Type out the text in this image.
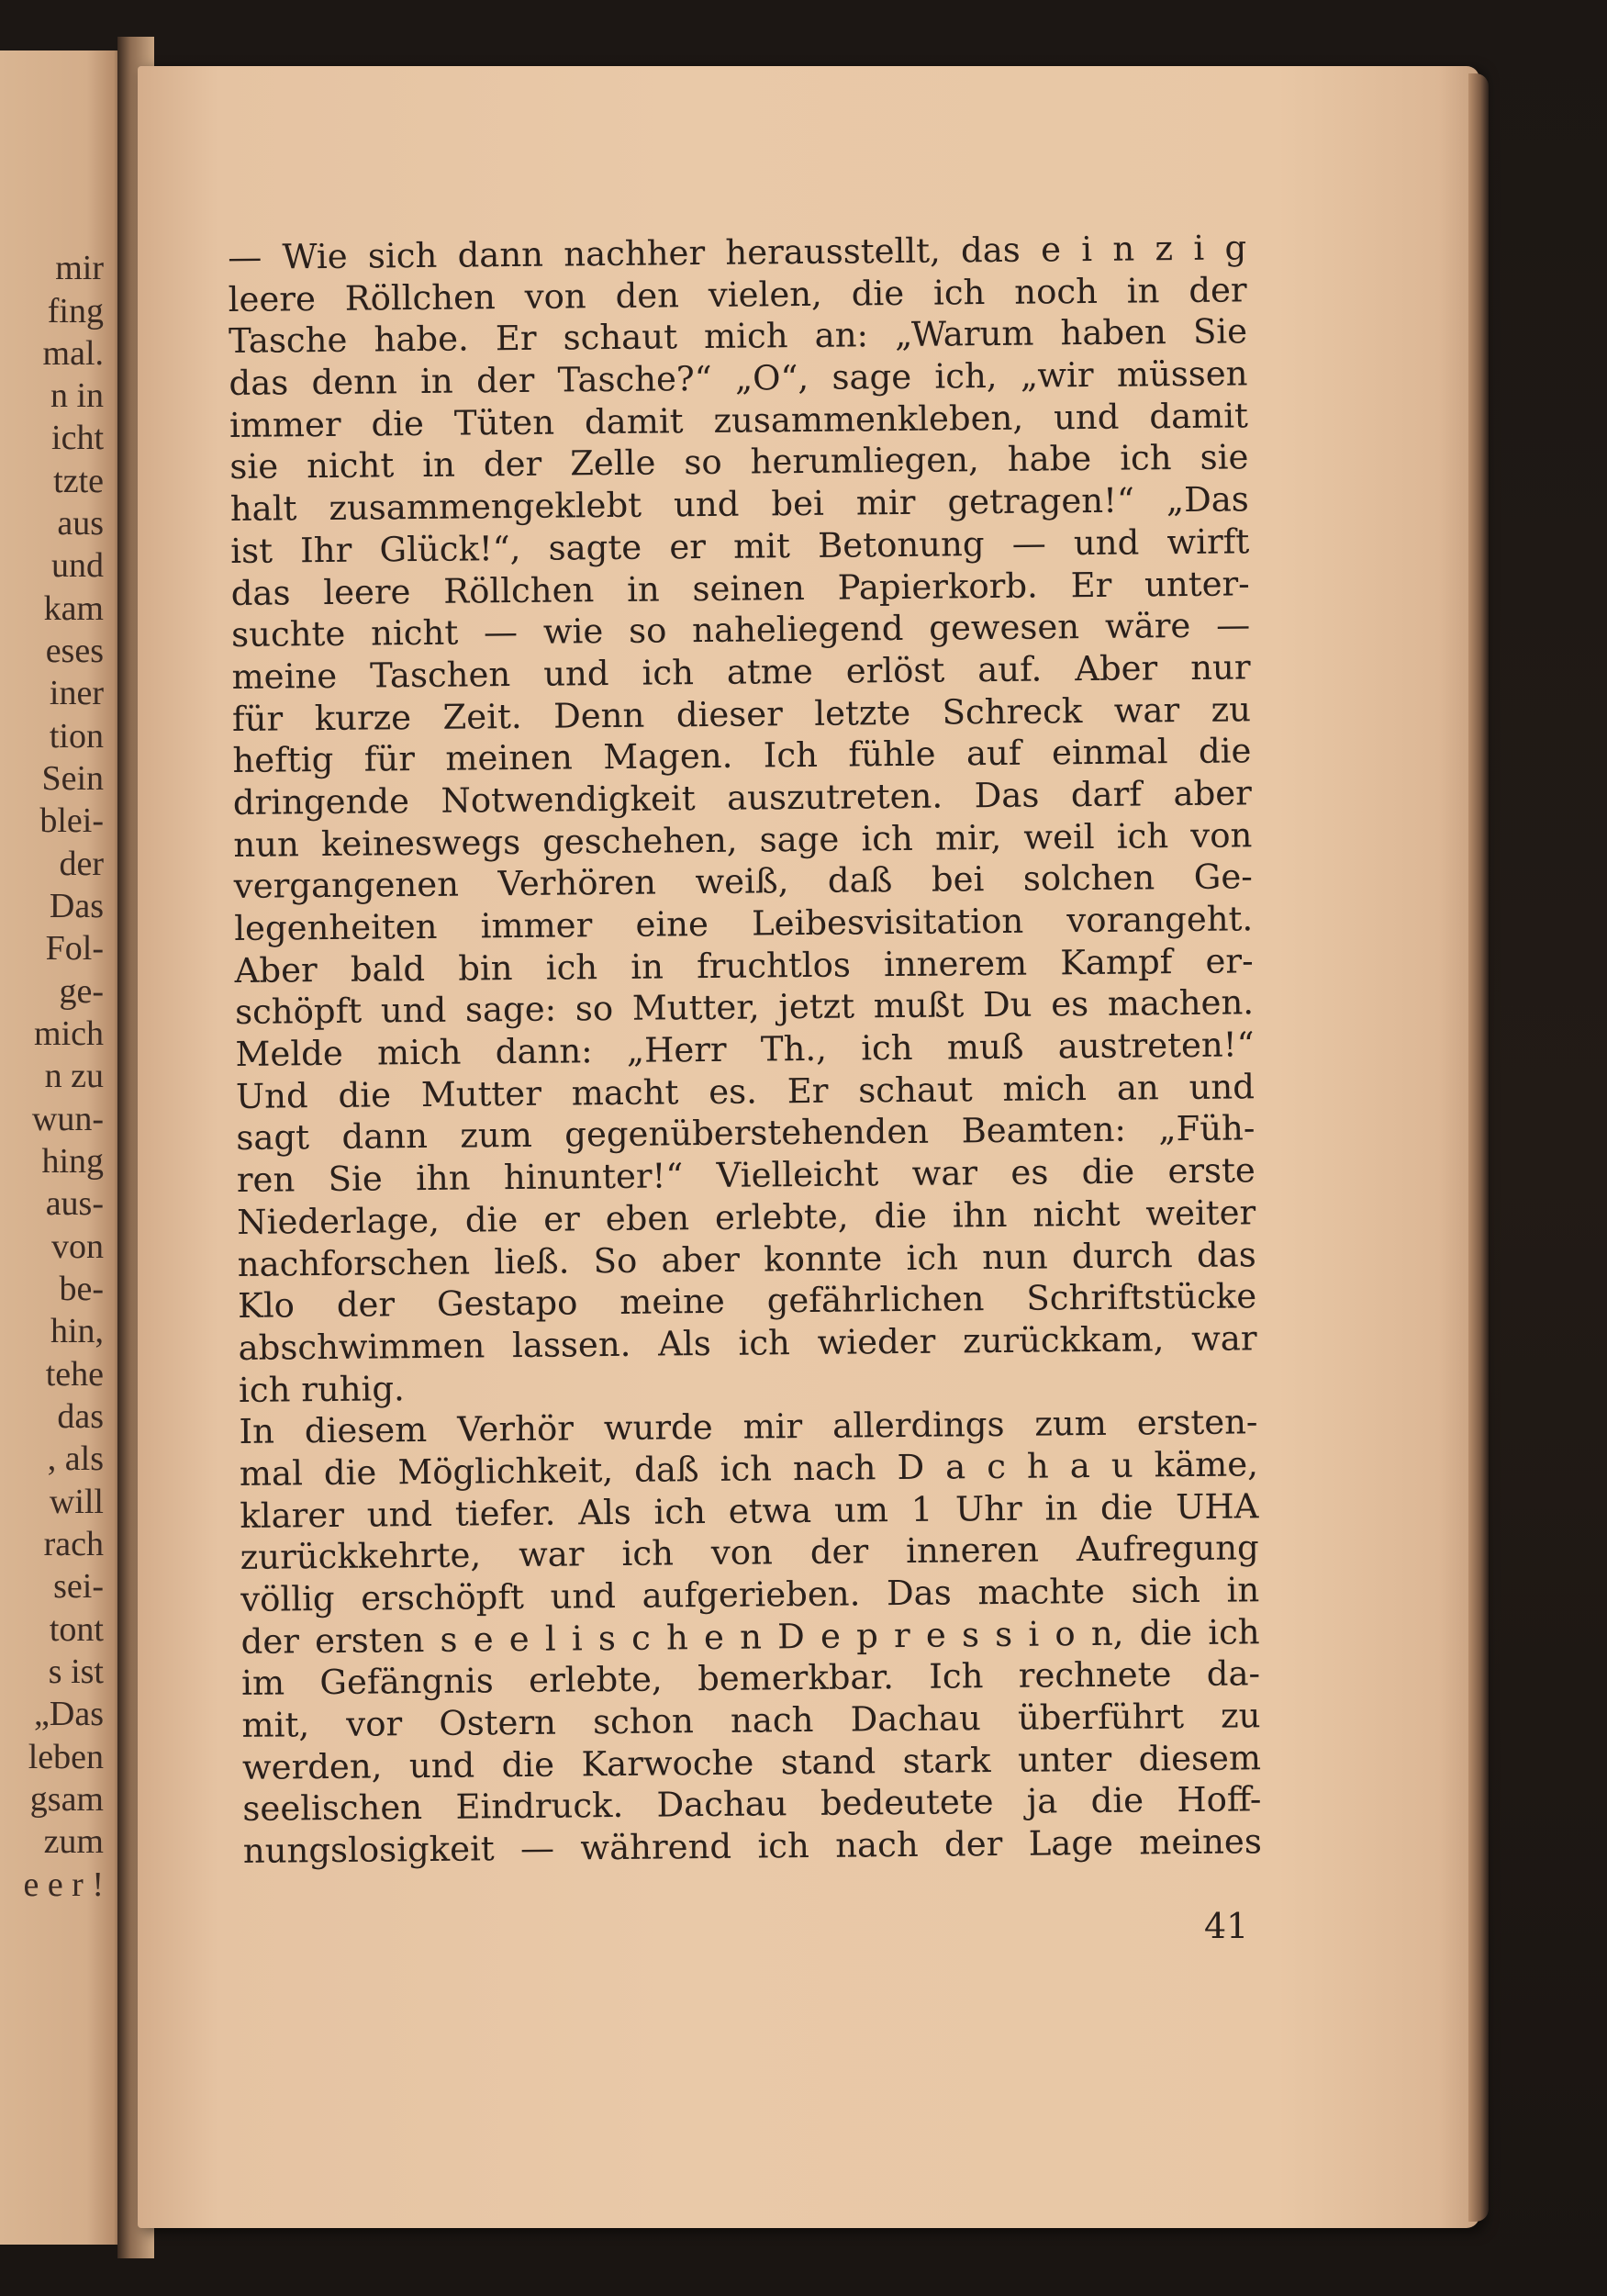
mir
fing
mal.
n in
icht
tzte
aus
und
kam
eses
iner
tion
Sein
blei-
der
Das
Fol-
ge-
mich
n zu
wun-
hing
aus-
von
be-
hin,
tehe
das
, als
will
rach
sei-
tont
s ist
„Das
leben
gsam
zum
e e r !
— Wie sich dann nachher herausstellt, das e i n z i g
leere Röllchen von den vielen, die ich noch in der
Tasche habe. Er schaut mich an: „Warum haben Sie
das denn in der Tasche?“ „O“, sage ich, „wir müssen
immer die Tüten damit zusammenkleben, und damit
sie nicht in der Zelle so herumliegen, habe ich sie
halt zusammengeklebt und bei mir getragen!“ „Das
ist Ihr Glück!“, sagte er mit Betonung — und wirft
das leere Röllchen in seinen Papierkorb. Er unter-
suchte nicht — wie so naheliegend gewesen wäre —
meine Taschen und ich atme erlöst auf. Aber nur
für kurze Zeit. Denn dieser letzte Schreck war zu
heftig für meinen Magen. Ich fühle auf einmal die
dringende Notwendigkeit auszutreten. Das darf aber
nun keineswegs geschehen, sage ich mir, weil ich von
vergangenen Verhören weiß, daß bei solchen Ge-
legenheiten immer eine Leibesvisitation vorangeht.
Aber bald bin ich in fruchtlos innerem Kampf er-
schöpft und sage: so Mutter, jetzt mußt Du es machen.
Melde mich dann: „Herr Th., ich muß austreten!“
Und die Mutter macht es. Er schaut mich an und
sagt dann zum gegenüberstehenden Beamten: „Füh-
ren Sie ihn hinunter!“ Vielleicht war es die erste
Niederlage, die er eben erlebte, die ihn nicht weiter
nachforschen ließ. So aber konnte ich nun durch das
Klo der Gestapo meine gefährlichen Schriftstücke
abschwimmen lassen. Als ich wieder zurückkam, war
ich ruhig.
In diesem Verhör wurde mir allerdings zum ersten-
mal die Möglichkeit, daß ich nach D a c h a u käme,
klarer und tiefer. Als ich etwa um 1 Uhr in die UHA
zurückkehrte, war ich von der inneren Aufregung
völlig erschöpft und aufgerieben. Das machte sich in
der ersten s e e l i s c h e n D e p r e s s i o n, die ich
im Gefängnis erlebte, bemerkbar. Ich rechnete da-
mit, vor Ostern schon nach Dachau überführt zu
werden, und die Karwoche stand stark unter diesem
seelischen Eindruck. Dachau bedeutete ja die Hoff-
nungslosigkeit — während ich nach der Lage meines
41
